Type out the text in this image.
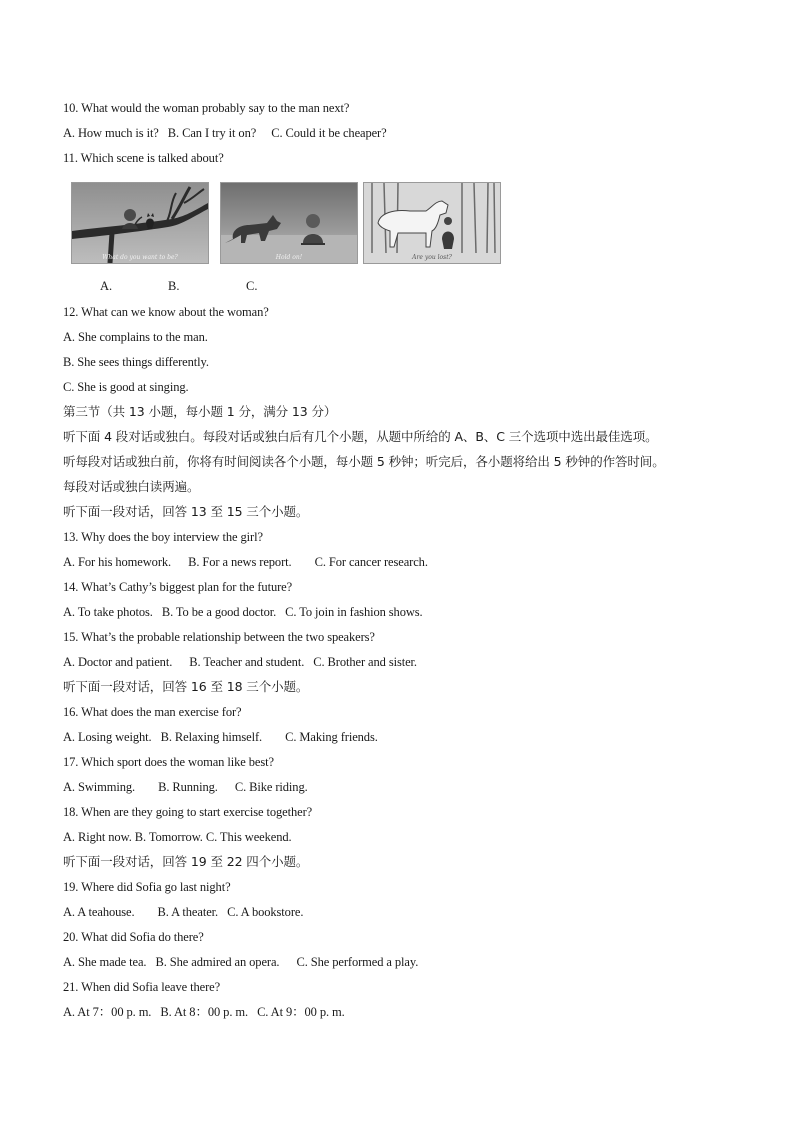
10. What would the woman probably say to the man next?
A. How much is it? B. Can I try it on? C. Could it be cheaper?
11. Which scene is talked about?
What do you want to be?	Hold on!	Are you lost?
A.	B.	C.
12. What can we know about the woman?
A. She complains to the man.
B. She sees things differently.
C. She is good at singing.
第三节（共 13 小题，每小题 1 分，满分 13 分）
听下面 4 段对话或独白。每段对话或独白后有几个小题，从题中所给的 A、B、C 三个选项中选出最佳选项。
听每段对话或独白前，你将有时间阅读各个小题，每小题 5 秒钟；听完后，各小题将给出 5 秒钟的作答时间。
每段对话或独白读两遍。
听下面一段对话，回答 13 至 15 三个小题。
13. Why does the boy interview the girl?
A. For his homework. B. For a news report. C. For cancer research.
14. What’s Cathy’s biggest plan for the future?
A. To take photos. B. To be a good doctor. C. To join in fashion shows.
15. What’s the probable relationship between the two speakers?
A. Doctor and patient. B. Teacher and student. C. Brother and sister.
听下面一段对话，回答 16 至 18 三个小题。
16. What does the man exercise for?
A. Losing weight. B. Relaxing himself. C. Making friends.
17. Which sport does the woman like best?
A. Swimming. B. Running. C. Bike riding.
18. When are they going to start exercise together?
A. Right now. B. Tomorrow. C. This weekend.
听下面一段对话，回答 19 至 22 四个小题。
19. Where did Sofia go last night?
A. A teahouse. B. A theater. C. A bookstore.
20. What did Sofia do there?
A. She made tea. B. She admired an opera. C. She performed a play.
21. When did Sofia leave there?
A. At 7：00 p. m. B. At 8：00 p. m. C. At 9：00 p. m.
